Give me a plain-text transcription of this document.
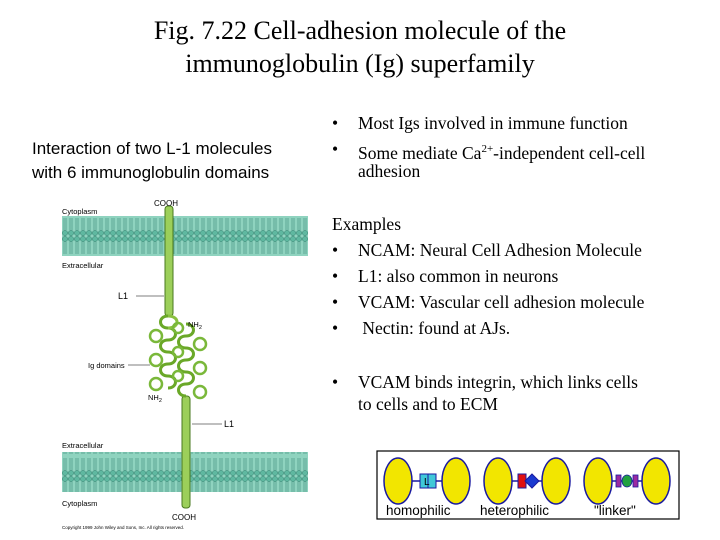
Fig. 7.22 Cell-adhesion molecule of the
immunoglobulin (Ig) superfamily
Interaction of two L-1 molecules
with 6 immunoglobulin domains
• Most Igs involved in immune function
• Some mediate $Ca^{2+}$-independent cell-cell
adhesion
Examples
• NCAM: Neural Cell Adhesion Molecule
• L1: also common in neurons
• VCAM: Vascular cell adhesion molecule
• Nectin: found at AJs.
• VCAM binds integrin, which links cells
to cells and to ECM
COOH
Cytoplasm
Extracellular
L1
$NH_2$
Ig domains
$NH_2$
L1
Extracellular
Cytoplasm
COOH
Copyright 1999 John Wiley and Sons, Inc. All rights reserved.
L
homophilic heterophilic	"linker"
